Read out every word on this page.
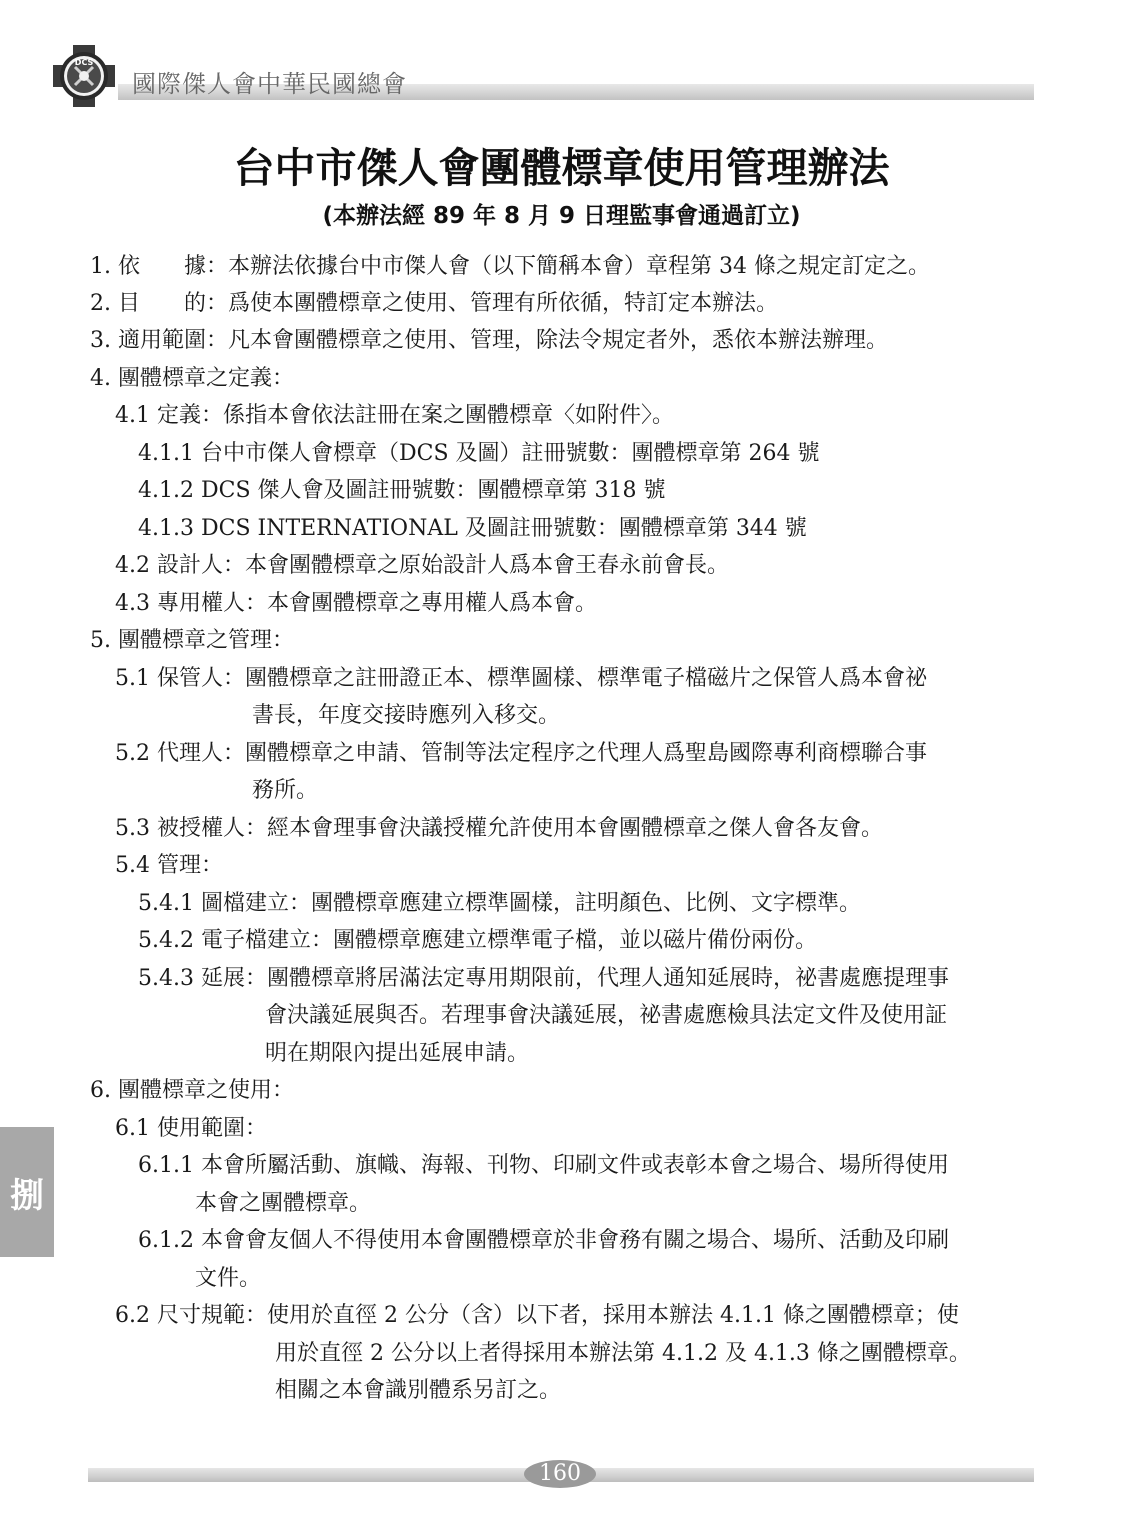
DCS
國際傑人會中華民國總會
台中市傑人會團體標章使用管理辦法
(本辦法經 89 年 8 月 9 日理監事會通過訂立)
1. 依　　據：本辦法依據台中市傑人會（以下簡稱本會）章程第 34 條之規定訂定之。
2. 目　　的：爲使本團體標章之使用、管理有所依循，特訂定本辦法。
3. 適用範圍：凡本會團體標章之使用、管理，除法令規定者外，悉依本辦法辦理。
4. 團體標章之定義：
4.1 定義：係指本會依法註冊在案之團體標章〈如附件〉。
4.1.1 台中市傑人會標章（DCS 及圖）註冊號數：團體標章第 264 號
4.1.2 DCS 傑人會及圖註冊號數：團體標章第 318 號
4.1.3 DCS INTERNATIONAL 及圖註冊號數：團體標章第 344 號
4.2 設計人：本會團體標章之原始設計人爲本會王春永前會長。
4.3 專用權人：本會團體標章之專用權人爲本會。
5. 團體標章之管理：
5.1 保管人：團體標章之註冊證正本、標準圖樣、標準電子檔磁片之保管人爲本會祕
書長，年度交接時應列入移交。
5.2 代理人：團體標章之申請、管制等法定程序之代理人爲聖島國際專利商標聯合事
務所。
5.3 被授權人：經本會理事會決議授權允許使用本會團體標章之傑人會各友會。
5.4 管理：
5.4.1 圖檔建立：團體標章應建立標準圖樣，註明顏色、比例、文字標準。
5.4.2 電子檔建立：團體標章應建立標準電子檔，並以磁片備份兩份。
5.4.3 延展：團體標章將居滿法定專用期限前，代理人通知延展時，祕書處應提理事
會決議延展與否。若理事會決議延展，祕書處應檢具法定文件及使用証
明在期限內提出延展申請。
6. 團體標章之使用：
6.1 使用範圍：
6.1.1 本會所屬活動、旗幟、海報、刊物、印刷文件或表彰本會之場合、場所得使用
本會之團體標章。
6.1.2 本會會友個人不得使用本會團體標章於非會務有關之場合、場所、活動及印刷
文件。
6.2 尺寸規範：使用於直徑 2 公分（含）以下者，採用本辦法 4.1.1 條之團體標章；使
用於直徑 2 公分以上者得採用本辦法第 4.1.2 及 4.1.3 條之團體標章。
相關之本會識別體系另訂之。
捌
160
